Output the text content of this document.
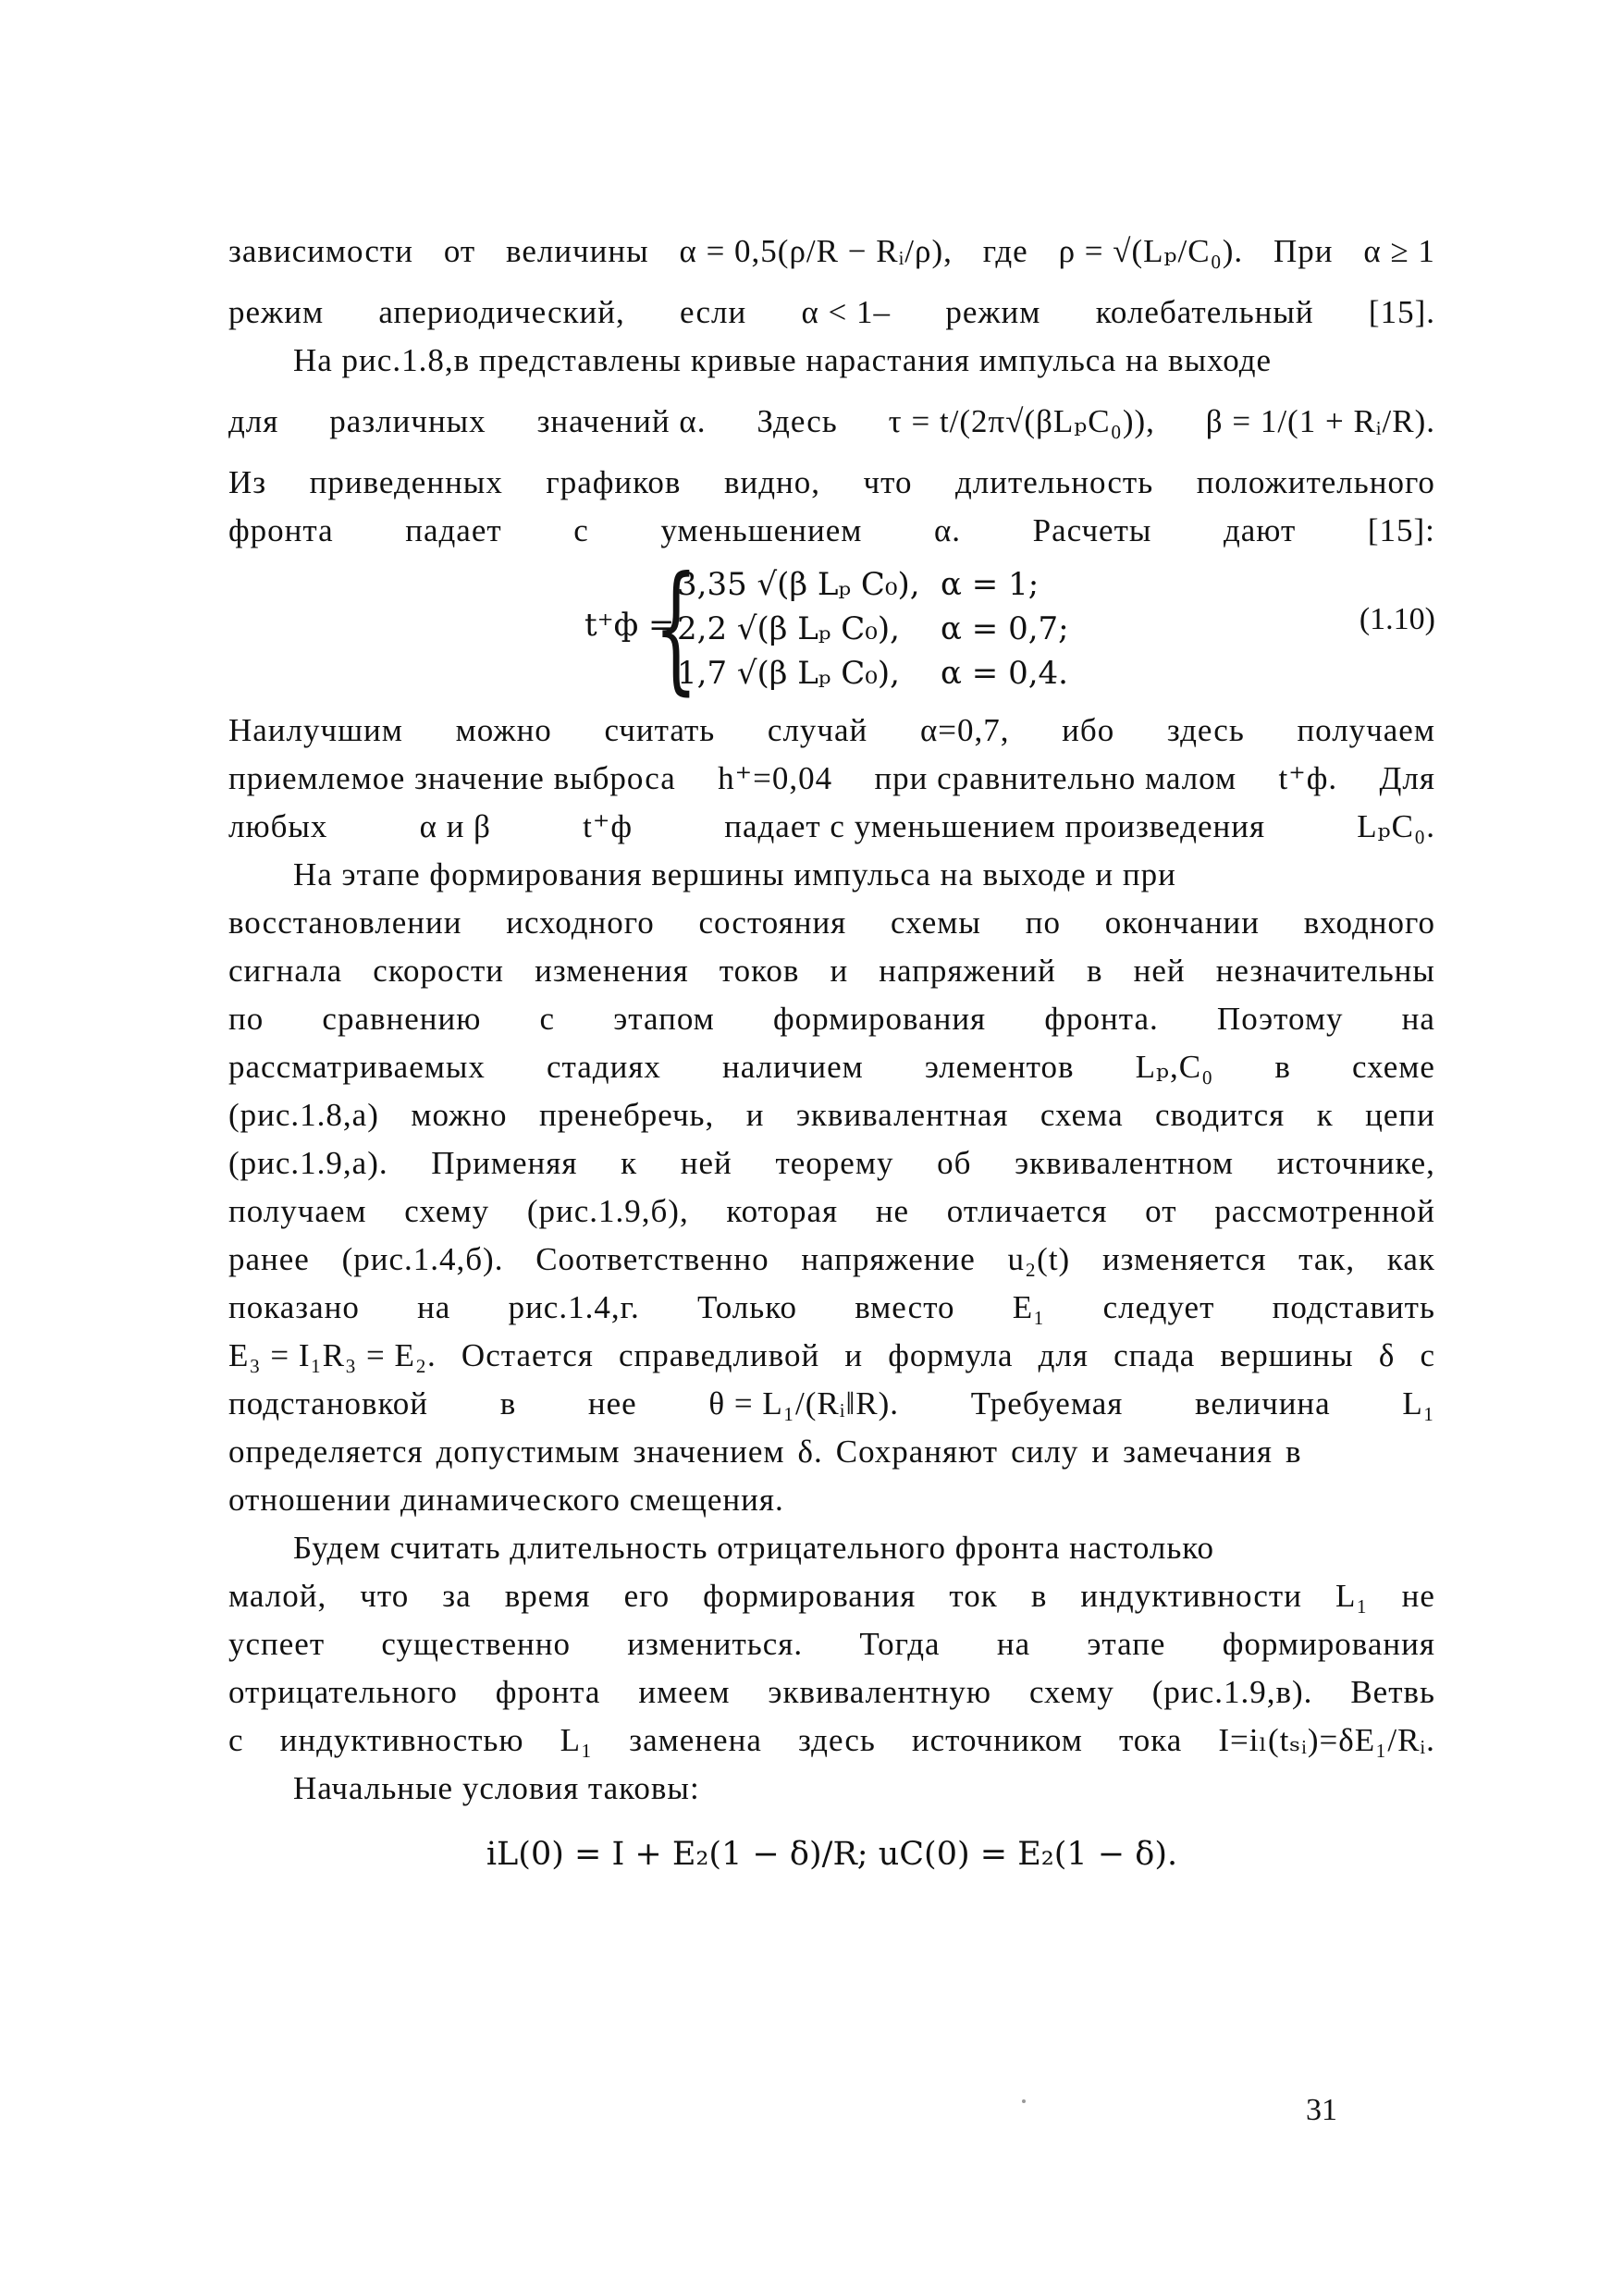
зависимости от величины α = 0,5(ρ/R − Rᵢ/ρ), где ρ = √(Lₚ/C₀). При α ≥ 1
режим апериодический, если α < 1– режим колебательный [15].
На рис.1.8,в представлены кривые нарастания импульса на выходе
для различных значений α. Здесь τ = t/(2π√(βLₚC₀)), β = 1/(1 + Rᵢ/R).
Из приведенных графиков видно, что длительность положительного
фронта падает с уменьшением α. Расчеты дают [15]:
t⁺ф =
{
3,35 √(β Lₚ C₀), α = 1;
2,2 √(β Lₚ C₀), α = 0,7;
1,7 √(β Lₚ C₀), α = 0,4.
(1.10)
Наилучшим можно считать случай α=0,7, ибо здесь получаем
приемлемое значение выброса h⁺=0,04 при сравнительно малом t⁺ф. Для
любых	α и β	t⁺ф	падает с уменьшением произведения	LₚC₀.
На этапе формирования вершины импульса на выходе и при
восстановлении исходного состояния схемы по окончании входного
сигнала скорости изменения токов и напряжений в ней незначительны
по сравнению с этапом формирования фронта. Поэтому на
рассматриваемых стадиях наличием элементов Lₚ,C₀ в схеме
(рис.1.8,а) можно пренебречь, и эквивалентная схема сводится к цепи
(рис.1.9,а). Применяя к ней теорему об эквивалентном источнике,
получаем схему (рис.1.9,б), которая не отличается от рассмотренной
ранее (рис.1.4,б). Соответственно напряжение u₂(t) изменяется так, как
показано на рис.1.4,г. Только вместо E₁ следует подставить
E₃ = I₁R₃ = E₂. Остается справедливой и формула для спада вершины δ с
подстановкой в нее θ = L₁/(Rᵢ‖R). Требуемая величина L₁
определяется допустимым значением δ. Сохраняют силу и замечания в
отношении динамического смещения.
Будем считать длительность отрицательного фронта настолько
малой, что за время его формирования ток в индуктивности L₁ не
успеет существенно измениться. Тогда на этапе формирования
отрицательного фронта имеем эквивалентную схему (рис.1.9,в). Ветвь
с индуктивностью L₁ заменена здесь источником тока I=iₗ(tₛᵢ)=δE₁/Rᵢ.
Начальные условия таковы:
iL(0) = I + E₂(1 − δ)/R; uC(0) = E₂(1 − δ).
31
